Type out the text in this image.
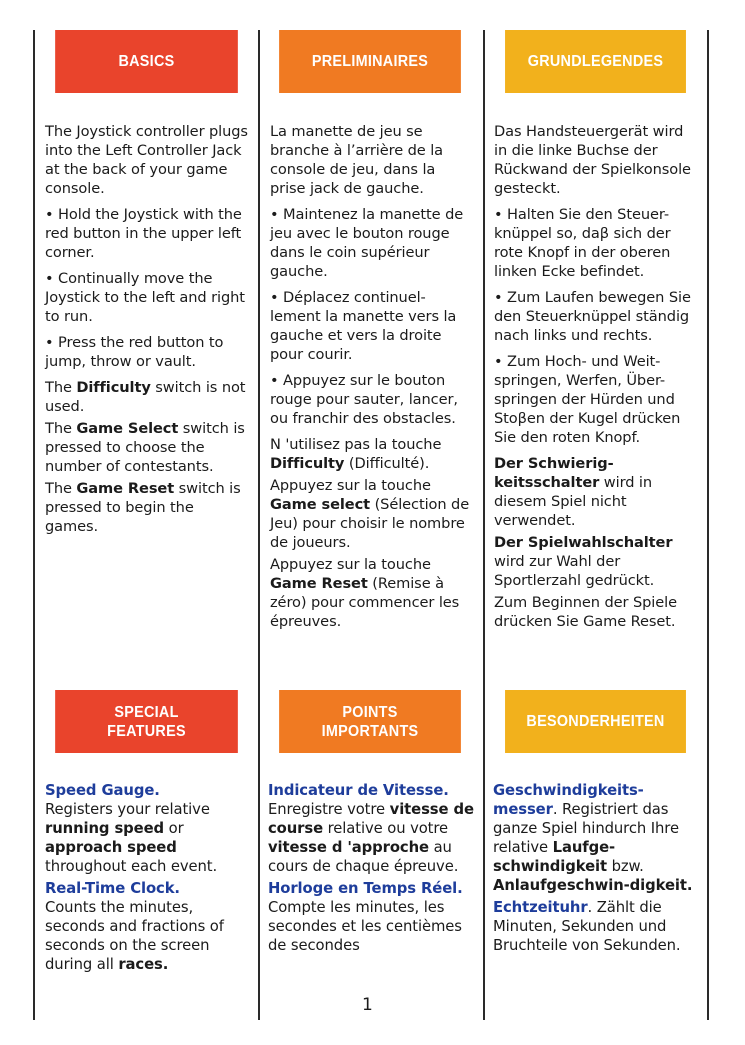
BASICS	PRELIMINAIRES	GRUNDLEGENDES

The Joystick controller plugs into the Left Controller Jack at the back of your game console.

• Hold the Joystick with the red button in the upper left corner.

• Continually move the Joystick to the left and right to run.

• Press the red button to jump, throw or vault.

The Difficulty switch is not used.

The Game Select switch is pressed to choose the number of contestants.

The Game Reset switch is pressed to begin the games.

La manette de jeu se branche à l’arrière de la console de jeu, dans la prise jack de gauche.

• Maintenez la manette de jeu avec le bouton rouge dans le coin supérieur gauche.

• Déplacez continuel-lement la manette vers la gauche et vers la droite pour courir.

• Appuyez sur le bouton rouge pour sauter, lancer, ou franchir des obstacles.

N 'utilisez pas la touche Difficulty (Difficulté).

Appuyez sur la touche Game select (Sélection de Jeu) pour choisir le nombre de joueurs.

Appuyez sur la touche Game Reset (Remise à zéro) pour commencer les épreuves.

Das Handsteuergerät wird in die linke Buchse der Rückwand der Spielkonsole gesteckt.

• Halten Sie den Steuer-knüppel so, daβ sich der rote Knopf in der oberen linken Ecke befindet.

• Zum Laufen bewegen Sie den Steuerknüppel ständig nach links und rechts.

• Zum Hoch- und Weit-springen, Werfen, Über-springen der Hürden und Stoβen der Kugel drücken Sie den roten Knopf.

Der Schwierig-keitsschalter wird in diesem Spiel nicht verwendet.

Der Spielwahlschalter wird zur Wahl der Sportlerzahl gedrückt.

Zum Beginnen der Spiele drücken Sie Game Reset.

SPECIAL
FEATURES
POINTS
IMPORTANTS
BESONDERHEITEN

Speed Gauge.
Registers your relative running speed or approach speed throughout each event.

Real-Time Clock.
Counts the minutes, seconds and fractions of seconds on the screen during all races.

Indicateur de Vitesse.
Enregistre votre vitesse de course relative ou votre vitesse d 'approche au cours de chaque épreuve.

Horloge en Temps Réel. Compte les minutes, les secondes et les centièmes de secondes

Geschwindigkeits-messer. Registriert das ganze Spiel hindurch Ihre relative Laufge-schwindigkeit bzw. Anlaufgeschwin-digkeit.

Echtzeituhr. Zählt die Minuten, Sekunden und Bruchteile von Sekunden.

1
